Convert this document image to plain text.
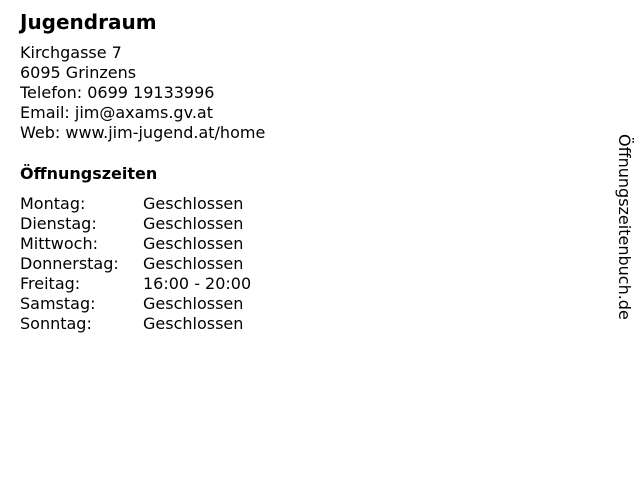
Jugendraum
Kirchgasse 7
6095 Grinzens
Telefon: 0699 19133996
Email: jim@axams.gv.at
Web: www.jim-jugend.at/home
Öffnungszeiten
Montag:	Geschlossen
Dienstag:	Geschlossen
Mittwoch:	Geschlossen
Donnerstag:	Geschlossen
Freitag:	16:00 - 20:00
Samstag:	Geschlossen
Sonntag:	Geschlossen
Öffnungszeitenbuch.de
